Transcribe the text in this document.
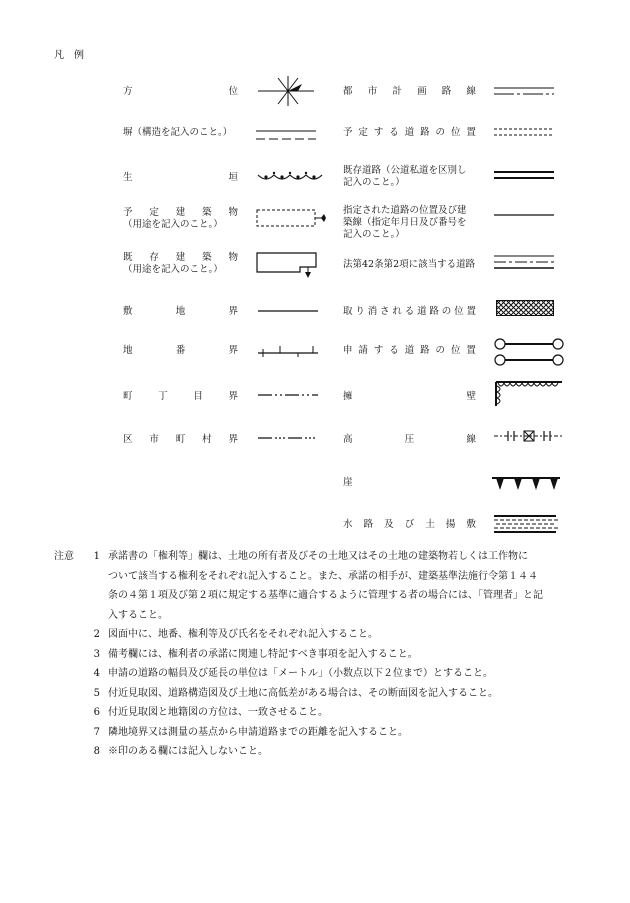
凡　例
方	位
塀（構造を記入のこと。）
生	垣
予 定 建 築 物
（用途を記入のこと。）
既 存 建 築 物
（用途を記入のこと。）
敷	地	界
地	番	界
町	丁	目	界
区 市 町 村 界
都 市 計 画 路 線
予 定 す る 道 路 の 位 置
既存道路（公道私道を区別し
記入のこと。）
指定された道路の位置及び建
築線（指定年月日及び番号を
記入のこと。）
法第42条第2項に該当する道路
取 り 消 さ れ る 道 路 の 位 置
申 請 す る 道 路 の 位 置
擁	壁
高	圧	線
崖
水 路 及 び 土 揚 敷
注意	1 承諾書の「権利等」欄は、土地の所有者及びその土地又はその土地の建築物若しくは工作物に
ついて該当する権利をそれぞれ記入すること。また、承諾の相手が、建築基準法施行令第１４４
条の４第１項及び第２項に規定する基準に適合するように管理する者の場合には、「管理者」と記
入すること。
2 図面中に、地番、権利等及び氏名をそれぞれ記入すること。
3 備考欄には、権利者の承諾に関連し特記すべき事項を記入すること。
4 申請の道路の幅員及び延長の単位は「メートル」（小数点以下２位まで）とすること。
5 付近見取図、道路構造図及び土地に高低差がある場合は、その断面図を記入すること。
6 付近見取図と地籍図の方位は、一致させること。
7 隣地境界又は測量の基点から申請道路までの距離を記入すること。
8 ※印のある欄には記入しないこと。
